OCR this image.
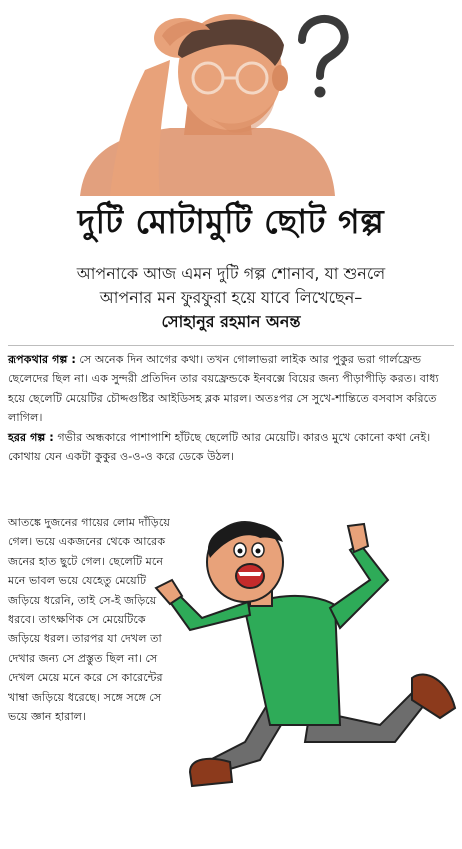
দুটি মোটামুটি ছোট গল্প
আপনাকে আজ এমন দুটি গল্প শোনাব, যা শুনলে
আপনার মন ফুরফুরা হয়ে যাবে লিখেছেন–
সোহানুর রহমান অনন্ত

রূপকথার গল্প : সে অনেক দিন আগের কথা। তখন গোলাভরা লাইক আর পুকুর ভরা গার্লফ্রেন্ড ছেলেদের ছিল না। এক সুন্দরী প্রতিদিন তার বয়ফ্রেন্ডকে ইনবক্সে বিয়ের জন্য পীড়াপীড়ি করত। বাধ্য হয়ে ছেলেটি মেয়েটির চৌদ্দগুষ্টির আইডিসহ ব্লক মারল। অতঃপর সে সুখে-শান্তিতে বসবাস করিতে লাগিল।

হরর গল্প : গভীর অন্ধকারে পাশাপাশি হাঁটছে ছেলেটি আর মেয়েটি। কারও মুখে কোনো কথা নেই। কোথায় যেন একটা কুকুর ও-ও-ও করে ডেকে উঠল।

আতঙ্কে দুজনের গায়ের লোম দাঁড়িয়ে গেল। ভয়ে একজনের থেকে আরেক জনের হাত ছুটে গেল। ছেলেটি মনে মনে ভাবল ভয়ে যেহেতু মেয়েটি জড়িয়ে ধরেনি, তাই সে-ই জড়িয়ে ধরবে। তাৎক্ষণিক সে মেয়েটিকে জড়িয়ে ধরল। তারপর যা দেখল তা দেখার জন্য সে প্রস্তুত ছিল না। সে দেখল মেয়ে মনে করে সে কারেন্টের খাম্বা জড়িয়ে ধরেছে। সঙ্গে সঙ্গে সে ভয়ে জ্ঞান হারাল।
